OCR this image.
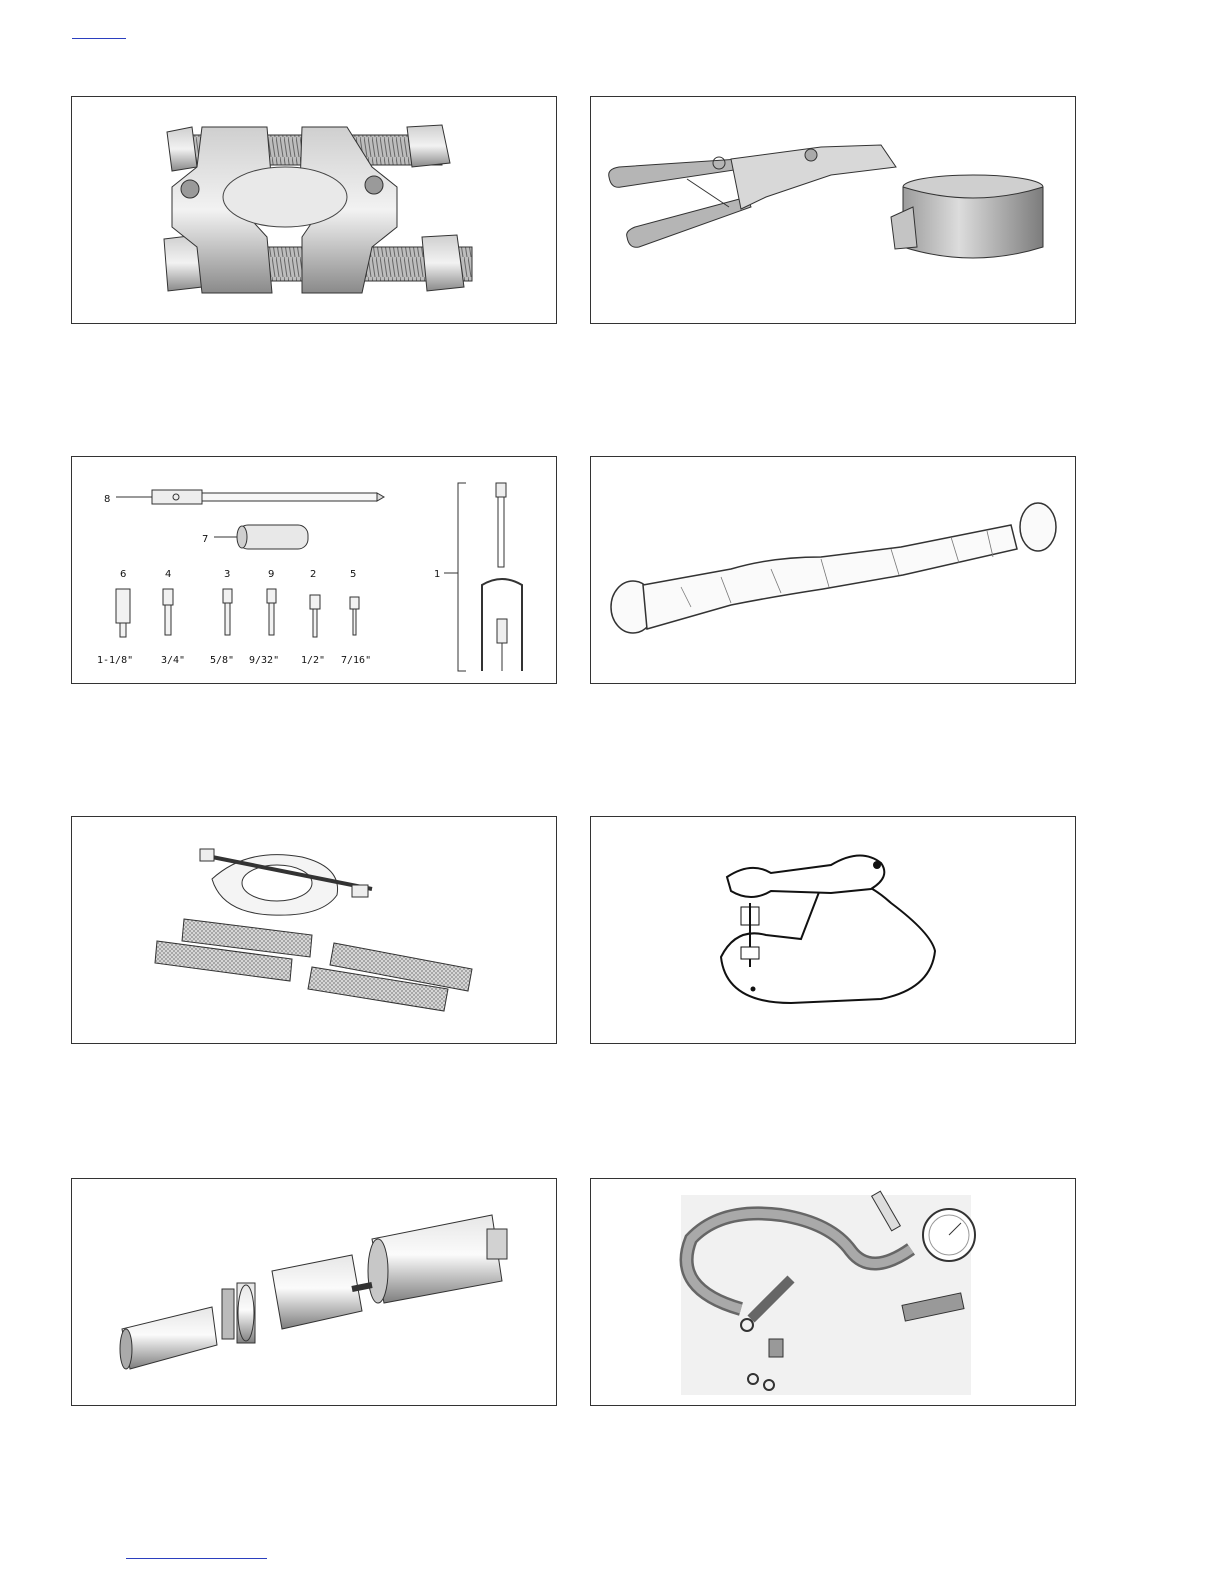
8
7
6	4	3	9	2	5
1-1/8"	3/4" 5/8" 9/32" 1/2" 7/16"
1
